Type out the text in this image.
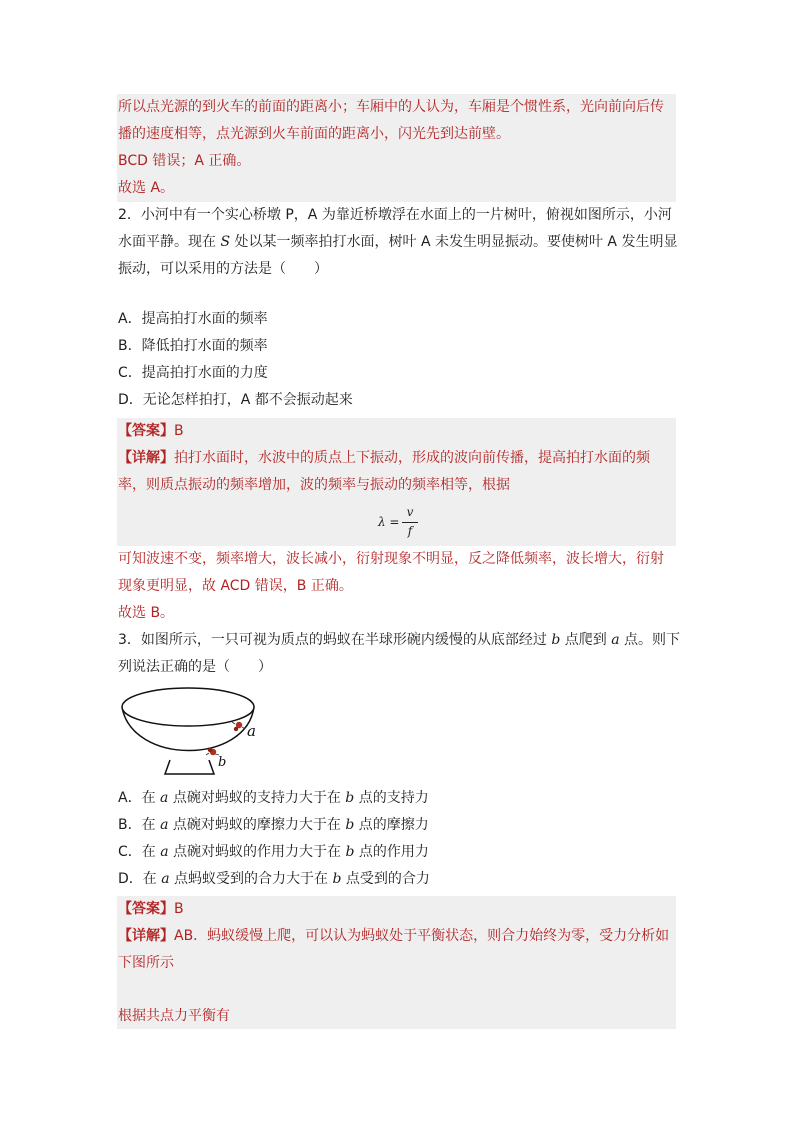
所以点光源的到火车的前面的距离小；车厢中的人认为，车厢是个惯性系，光向前向后传
播的速度相等，点光源到火车前面的距离小，闪光先到达前壁。
BCD 错误；A 正确。
故选 A。
2．小河中有一个实心桥墩 P，A 为靠近桥墩浮在水面上的一片树叶，俯视如图所示，小河
水面平静。现在 S 处以某一频率拍打水面，树叶 A 未发生明显振动。要使树叶 A 发生明显
振动，可以采用的方法是（　　）
A．提高拍打水面的频率
B．降低拍打水面的频率
C．提高拍打水面的力度
D．无论怎样拍打，A 都不会振动起来
【答案】B
【详解】拍打水面时，水波中的质点上下振动，形成的波向前传播，提高拍打水面的频
率，则质点振动的频率增加，波的频率与振动的频率相等，根据
λ =
v
f
可知波速不变，频率增大，波长减小，衍射现象不明显，反之降低频率，波长增大，衍射
现象更明显，故 ACD 错误，B 正确。
故选 B。
3．如图所示，一只可视为质点的蚂蚁在半球形碗内缓慢的从底部经过 b 点爬到 a 点。则下
列说法正确的是（　　）
a
b
A．在 a 点碗对蚂蚁的支持力大于在 b 点的支持力
B．在 a 点碗对蚂蚁的摩擦力大于在 b 点的摩擦力
C．在 a 点碗对蚂蚁的作用力大于在 b 点的作用力
D．在 a 点蚂蚁受到的合力大于在 b 点受到的合力
【答案】B
【详解】AB．蚂蚁缓慢上爬，可以认为蚂蚁处于平衡状态，则合力始终为零，受力分析如
下图所示
根据共点力平衡有
